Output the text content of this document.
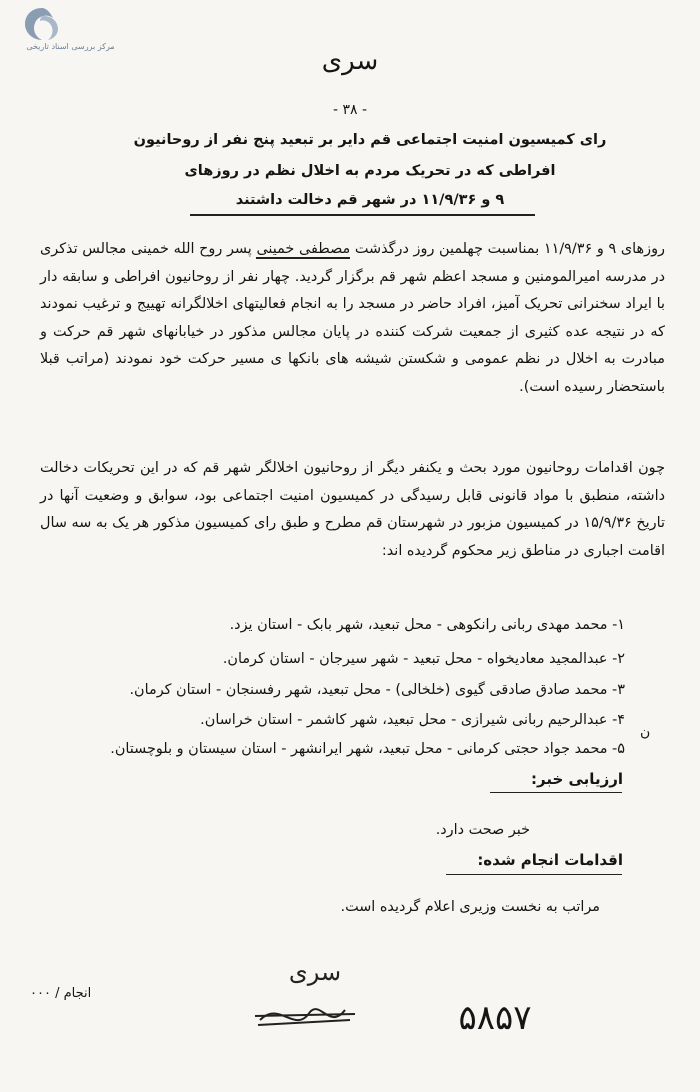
مرکز بررسی اسناد تاریخی	سری
- ۳۸ -
رای کمیسیون امنیت اجتماعی قم دایر بر تبعید پنج نفر از روحانیون
افراطی که در تحریک مردم به اخلال نظم در روزهای
۹ و ۱۱/۹/۳۶ در شهر قم دخالت داشتند
روزهای ۹ و ۱۱/۹/۳۶ بمناسبت چهلمین روز درگذشت مصطفی خمینی پسر روح الله خمینی مجالس تذکری در مدرسه امیرالمومنین و مسجد اعظم شهر قم برگزار گردید. چهار نفر از روحانیون افراطی و سابقه دار با ایراد سخنرانی تحریک آمیز، افراد حاضر در مسجد را به انجام فعالیتهای اخلالگرانه تهییج و ترغیب نمودند که در نتیجه عده کثیری از جمعیت شرکت کننده در پایان مجالس مذکور در خیابانهای شهر قم حرکت و مبادرت به اخلال در نظم عمومی و شکستن شیشه های بانکها ی مسیر حرکت خود نمودند (مراتب قبلا باستحضار رسیده است).
چون اقدامات روحانیون مورد بحث و یکنفر دیگر از روحانیون اخلالگر شهر قم که در این تحریکات دخالت داشته، منطبق با مواد قانونی قابل رسیدگی در کمیسیون امنیت اجتماعی بود، سوابق و وضعیت آنها در تاریخ ۱۵/۹/۳۶ در کمیسیون مزبور در شهرستان قم مطرح و طبق رای کمیسیون مذکور هر یک به سه سال اقامت اجباری در مناطق زیر محکوم گردیده اند:
۱- محمد مهدی ربانی رانکوهی - محل تبعید، شهر بابک - استان یزد.
۲- عبدالمجید معادیخواه - محل تبعید - شهر سیرجان - استان کرمان.
۳- محمد صادق صادقی گیوی (خلخالی) - محل تبعید، شهر رفسنجان - استان کرمان.
۴- عبدالرحیم ربانی شیرازی - محل تبعید، شهر کاشمر - استان خراسان.
۵- محمد جواد حجتی کرمانی - محل تبعید، شهر ایرانشهر - استان سیستان و بلوچستان.
ن
ارزیابی خبر:
خبر صحت دارد.
اقدامات انجام شده:
مراتب به نخست وزیری اعلام گردیده است.
سری
انجام / ۰۰۰
۵۸۵۷
